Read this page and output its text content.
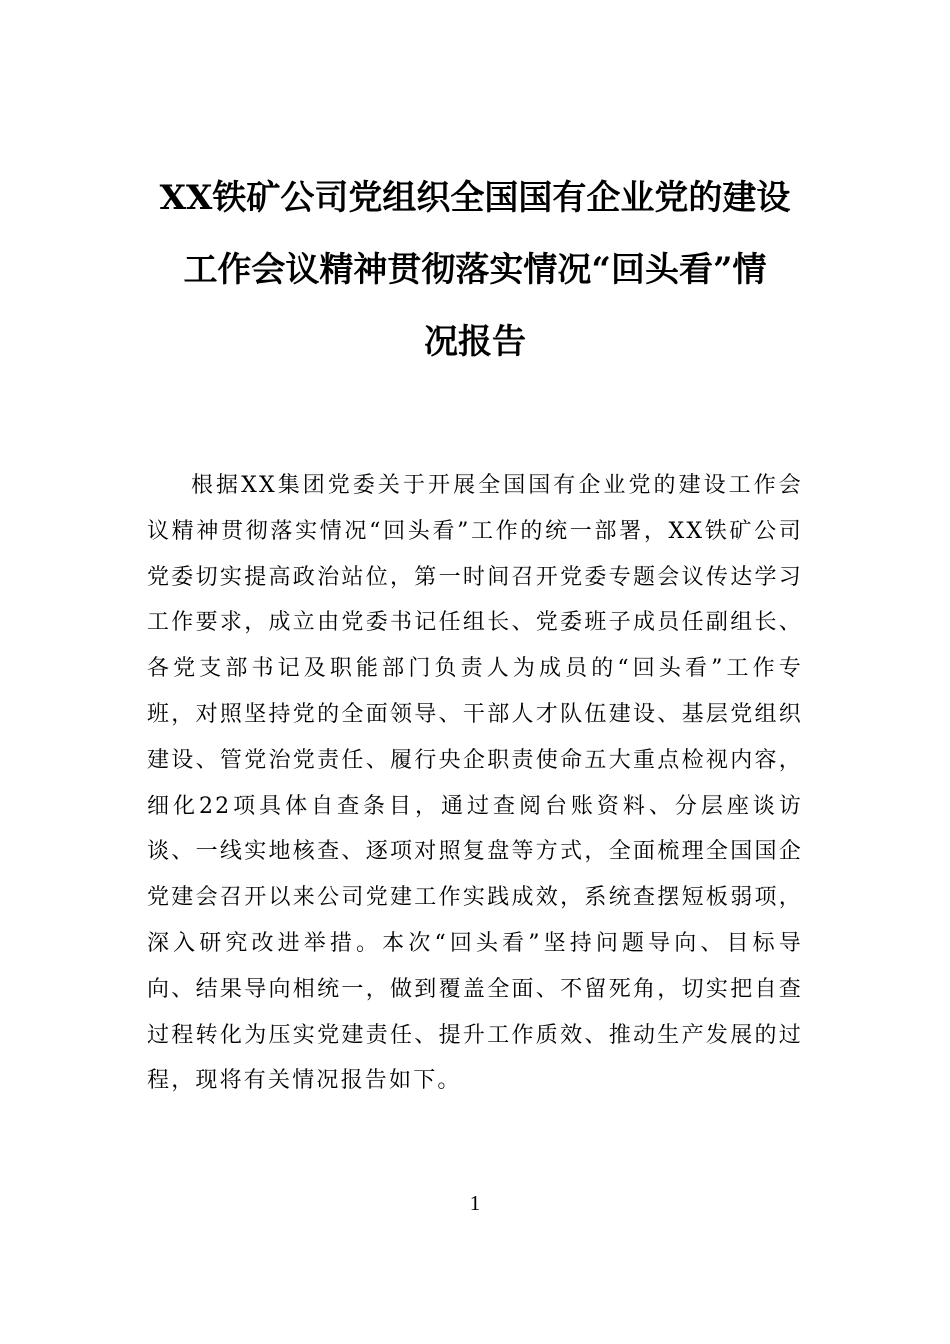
XX铁矿公司党组织全国国有企业党的建设
工作会议精神贯彻落实情况“回头看”情
况报告

根据XX集团党委关于开展全国国有企业党的建设工作会议精神贯彻落实情况“回头看”工作的统一部署，XX铁矿公司党委切实提高政治站位，第一时间召开党委专题会议传达学习工作要求，成立由党委书记任组长、党委班子成员任副组长、各党支部书记及职能部门负责人为成员的“回头看”工作专班，对照坚持党的全面领导、干部人才队伍建设、基层党组织建设、管党治党责任、履行央企职责使命五大重点检视内容，细化22项具体自查条目，通过查阅台账资料、分层座谈访谈、一线实地核查、逐项对照复盘等方式，全面梳理全国国企党建会召开以来公司党建工作实践成效，系统查摆短板弱项，深入研究改进举措。本次“回头看”坚持问题导向、目标导向、结果导向相统一，做到覆盖全面、不留死角，切实把自查过程转化为压实党建责任、提升工作质效、推动生产发展的过程，现将有关情况报告如下。

1
